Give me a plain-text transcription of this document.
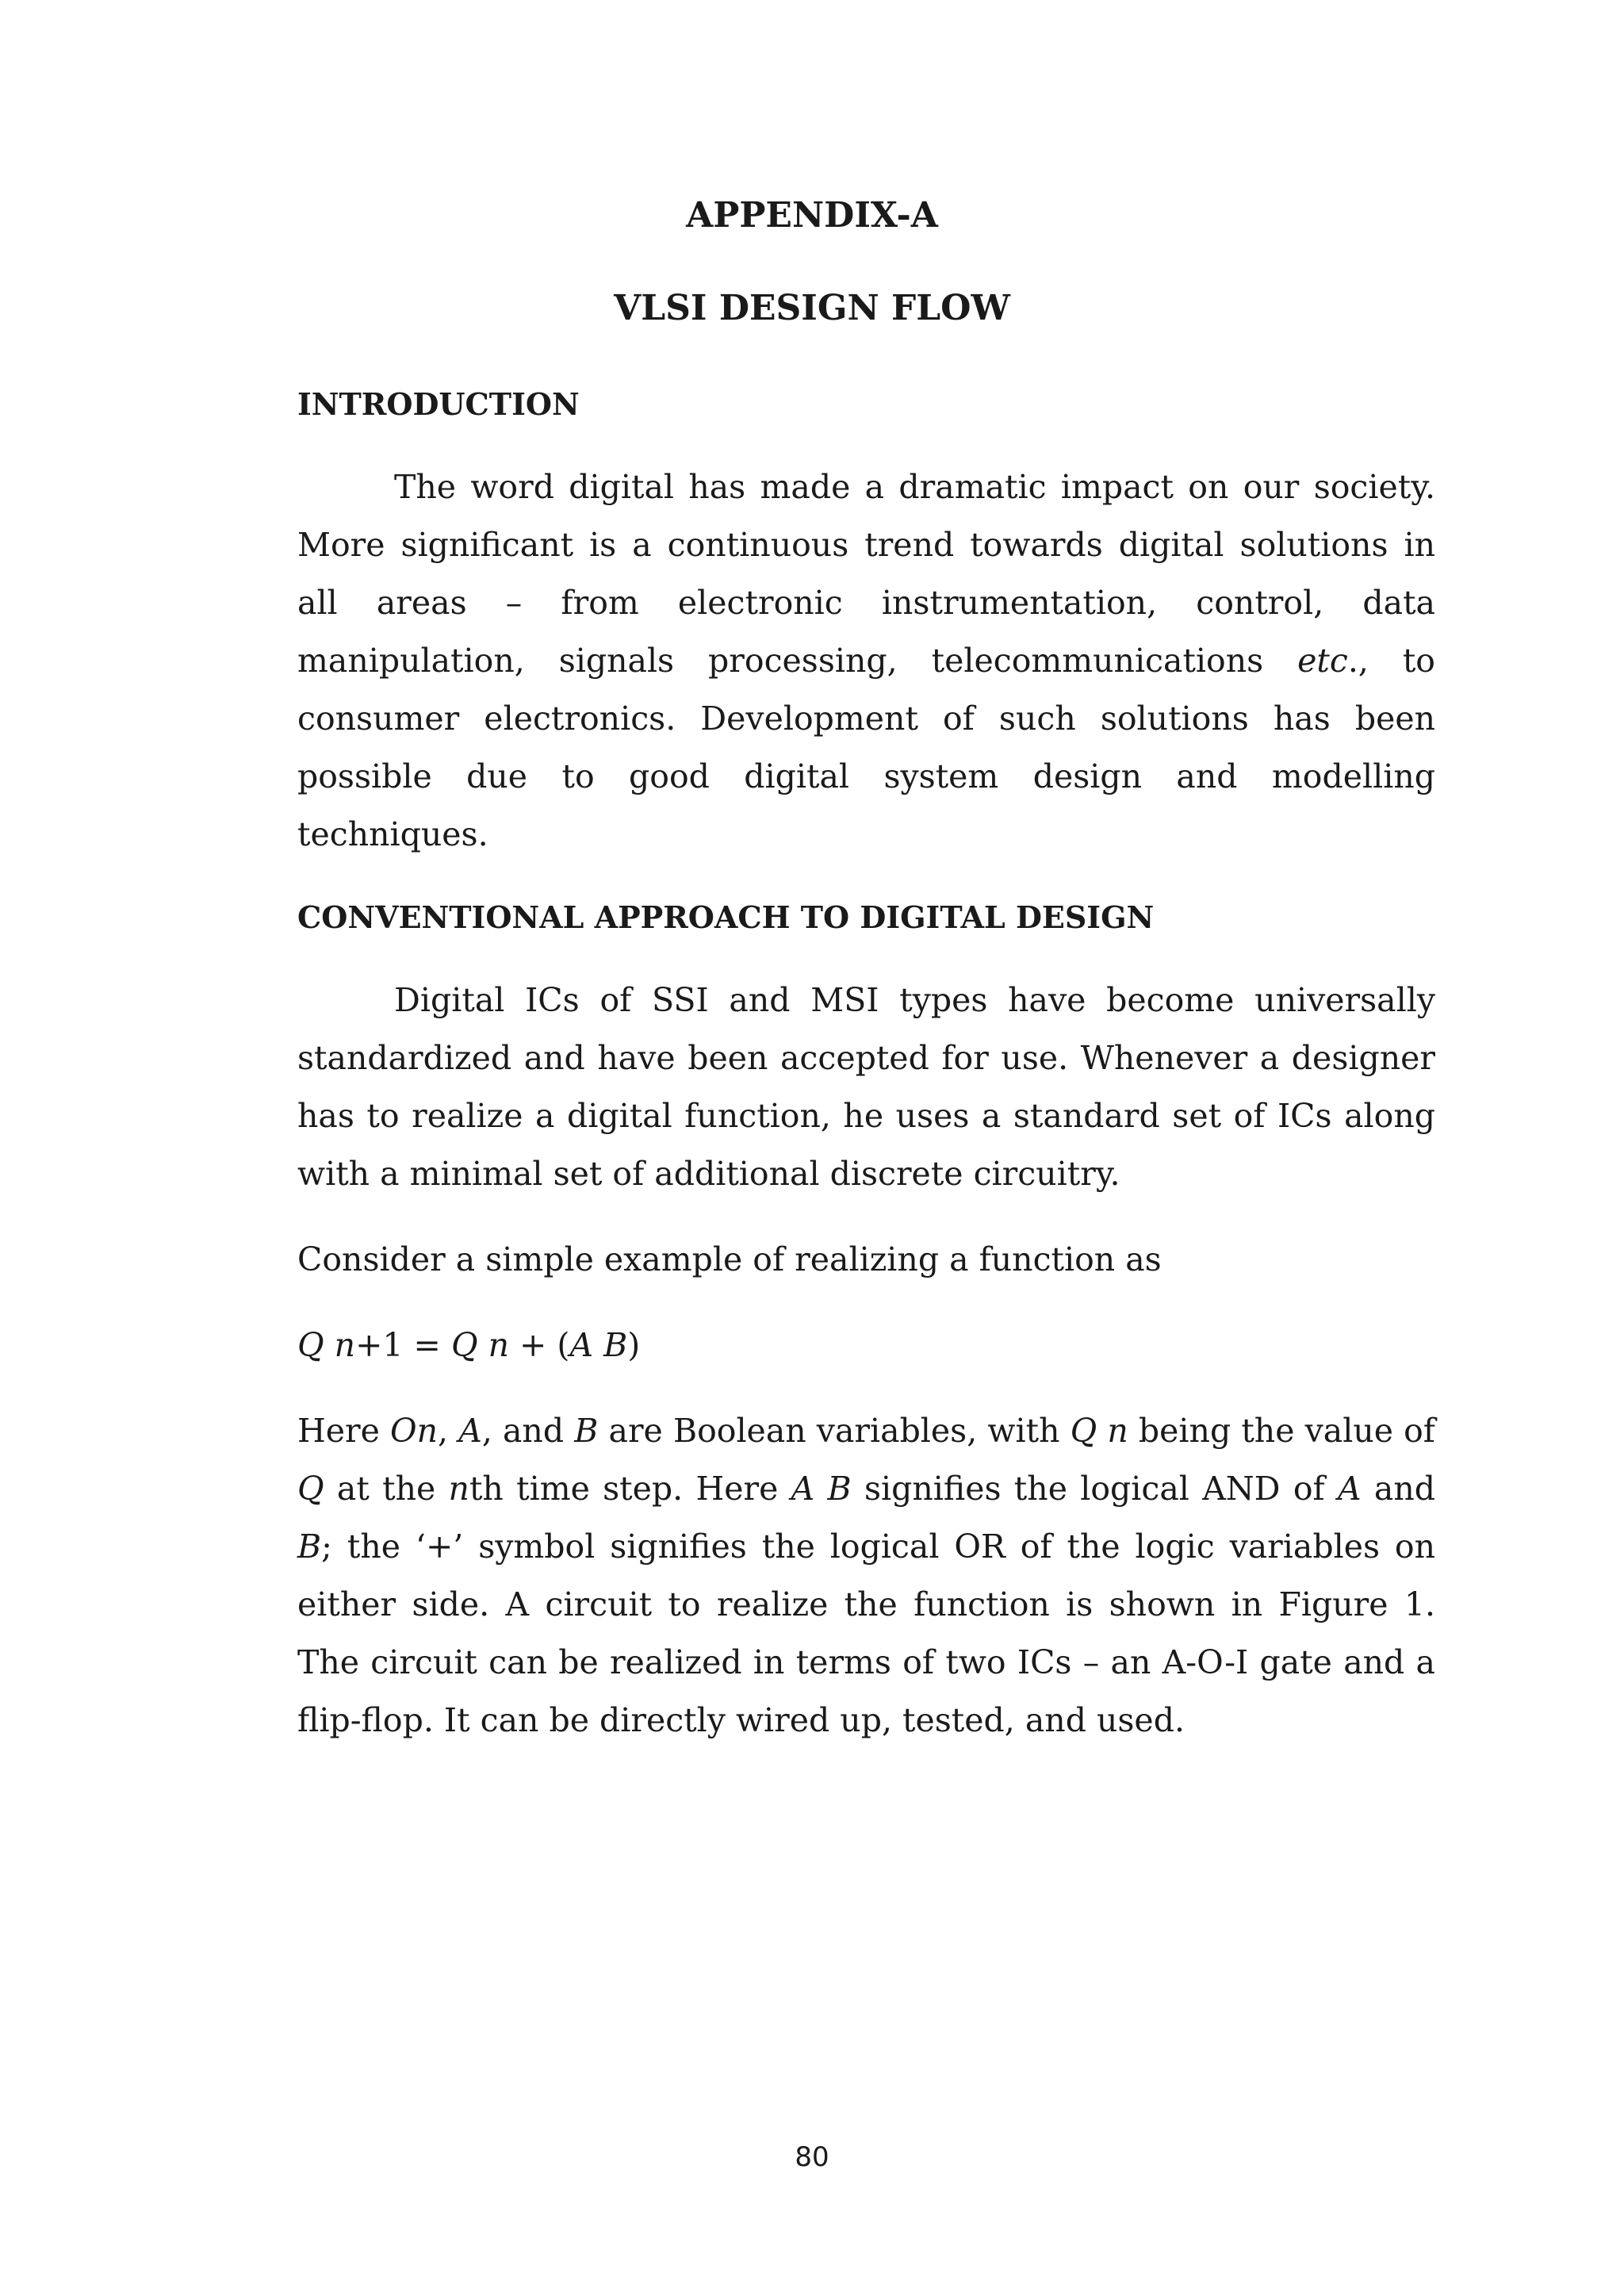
APPENDIX-A
VLSI DESIGN FLOW
INTRODUCTION

The word digital has made a dramatic impact on our society. More significant is a continuous trend towards digital solutions in all areas – from electronic instrumentation, control, data manipulation, signals processing, telecommunications etc., to consumer electronics. Development of such solutions has been possible due to good digital system design and modelling techniques.

CONVENTIONAL APPROACH TO DIGITAL DESIGN

Digital ICs of SSI and MSI types have become universally standardized and have been accepted for use. Whenever a designer has to realize a digital function, he uses a standard set of ICs along with a minimal set of additional discrete circuitry.

Consider a simple example of realizing a function as

Q n+1 = Q n + (A B)

Here On, A, and B are Boolean variables, with Q n being the value of Q at the nth time step. Here A B signifies the logical AND of A and B; the ‘+’ symbol signifies the logical OR of the logic variables on either side. A circuit to realize the function is shown in Figure 1. The circuit can be realized in terms of two ICs – an A-O-I gate and a flip-flop. It can be directly wired up, tested, and used.

80
